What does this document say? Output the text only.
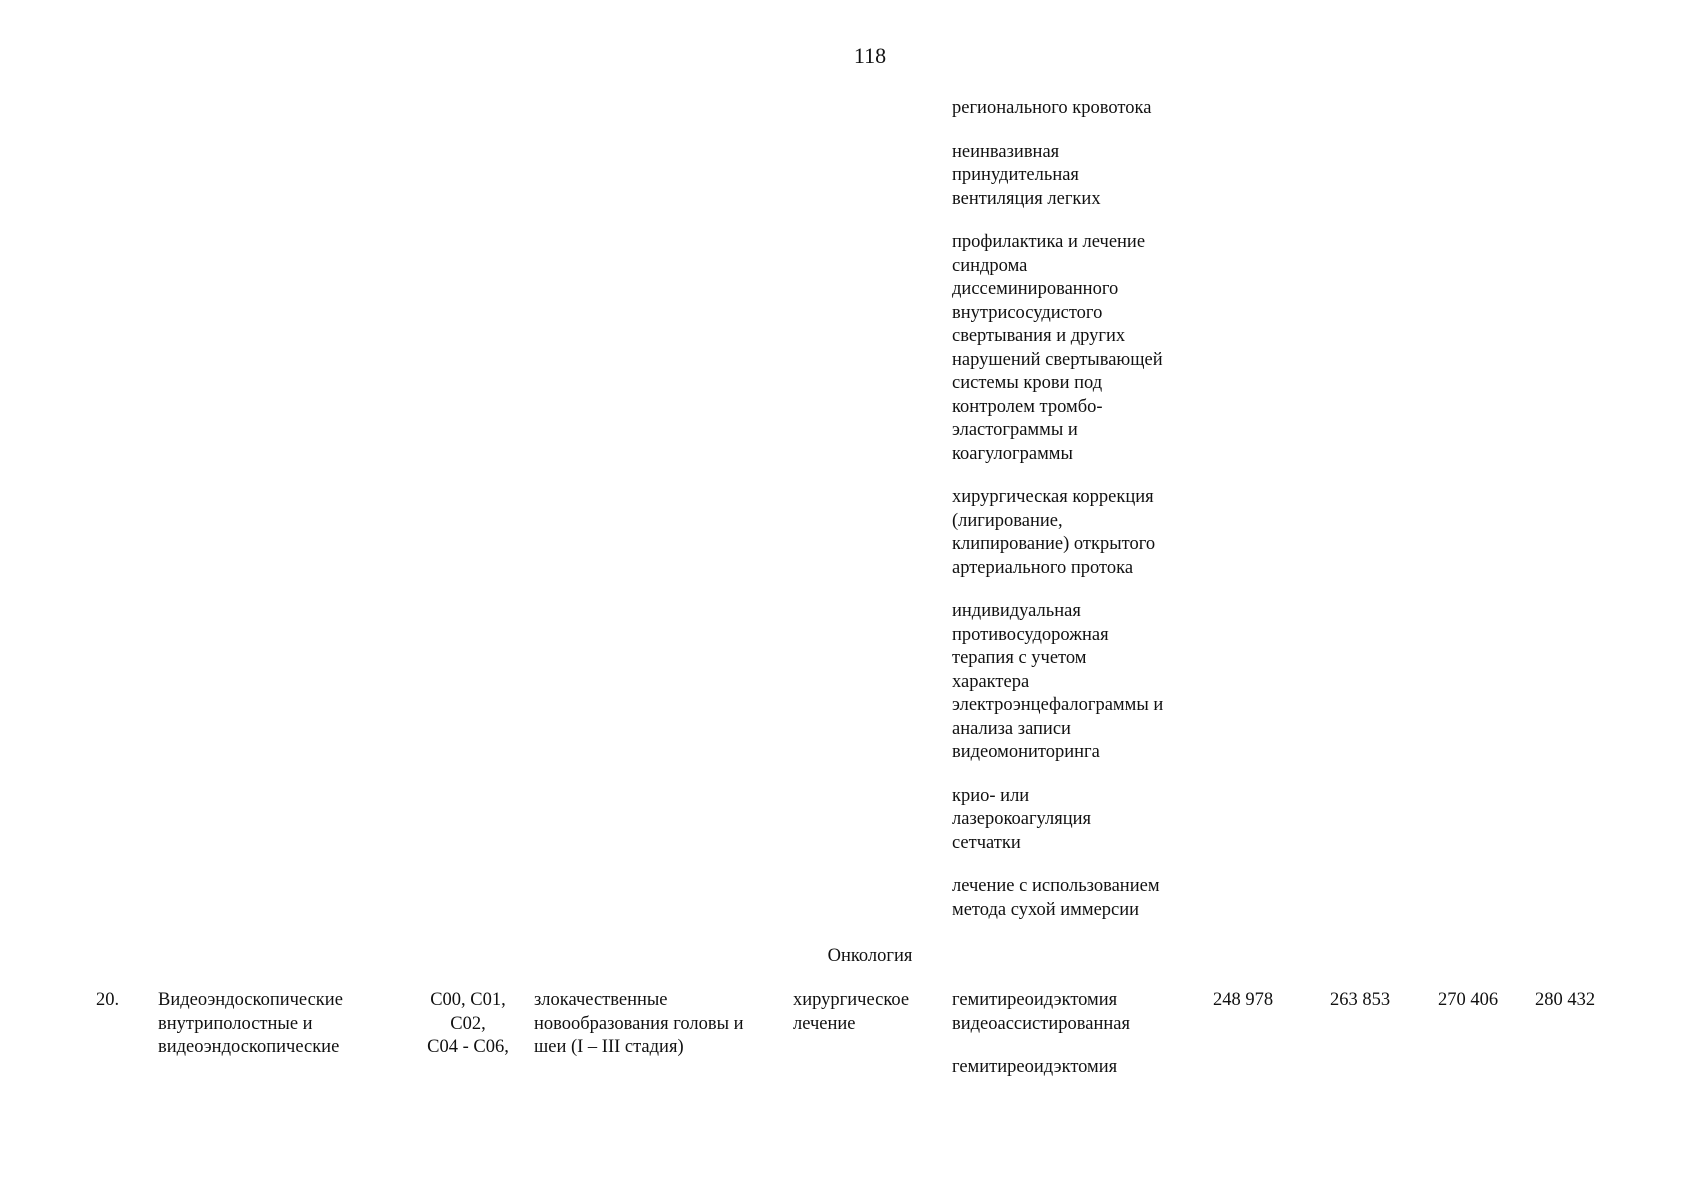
118
регионального кровотока
неинвазивная
принудительная
вентиляция легких
профилактика и лечение
синдрома
диссеминированного
внутрисосудистого
свертывания и других
нарушений свертывающей
системы крови под
контролем тромбо-
эластограммы и
коагулограммы
хирургическая коррекция
(лигирование,
клипирование) открытого
артериального протока
индивидуальная
противосудорожная
терапия с учетом
характера
электроэнцефалограммы и
анализа записи
видеомониторинга
крио- или
лазерокоагуляция
сетчатки
лечение с использованием
метода сухой иммерсии
Онкология
20. Видеоэндоскопические
внутриполостные и
видеоэндоскопические
C00, C01,
C02,
C04 - C06,
злокачественные
новообразования головы и
шеи (I – III стадия)
хирургическое
лечение
гемитиреоидэктомия
видеоассистированная
гемитиреоидэктомия
248 978	263 853	270 406 280 432
